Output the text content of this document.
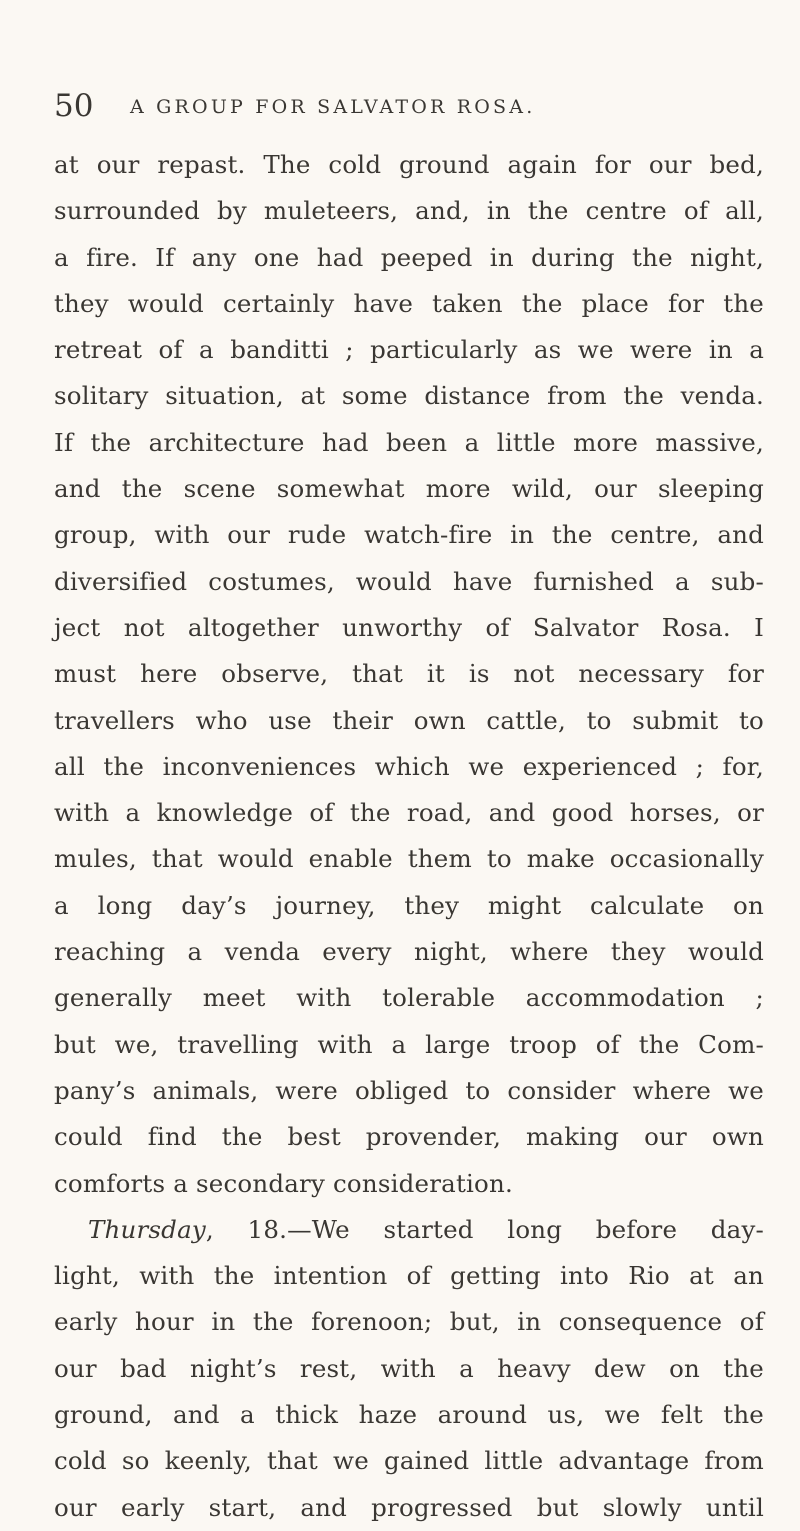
50 A GROUP FOR SALVATOR ROSA.
at our repast. The cold ground again for our bed,
surrounded by muleteers, and, in the centre of all,
a fire. If any one had peeped in during the night,
they would certainly have taken the place for the
retreat of a banditti ; particularly as we were in a
solitary situation, at some distance from the venda.
If the architecture had been a little more massive,
and the scene somewhat more wild, our sleeping
group, with our rude watch-fire in the centre, and
diversified costumes, would have furnished a sub-
ject not altogether unworthy of Salvator Rosa. I
must here observe, that it is not necessary for
travellers who use their own cattle, to submit to
all the inconveniences which we experienced ; for,
with a knowledge of the road, and good horses, or
mules, that would enable them to make occasionally
a long day’s journey, they might calculate on
reaching a venda every night, where they would
generally meet with tolerable accommodation ;
but we, travelling with a large troop of the Com-
pany’s animals, were obliged to consider where we
could find the best provender, making our own
comforts a secondary consideration.
Thursday, 18.—We started long before day-
light, with the intention of getting into Rio at an
early hour in the forenoon; but, in consequence of
our bad night’s rest, with a heavy dew on the
ground, and a thick haze around us, we felt the
cold so keenly, that we gained little advantage from
our early start, and progressed but slowly until
